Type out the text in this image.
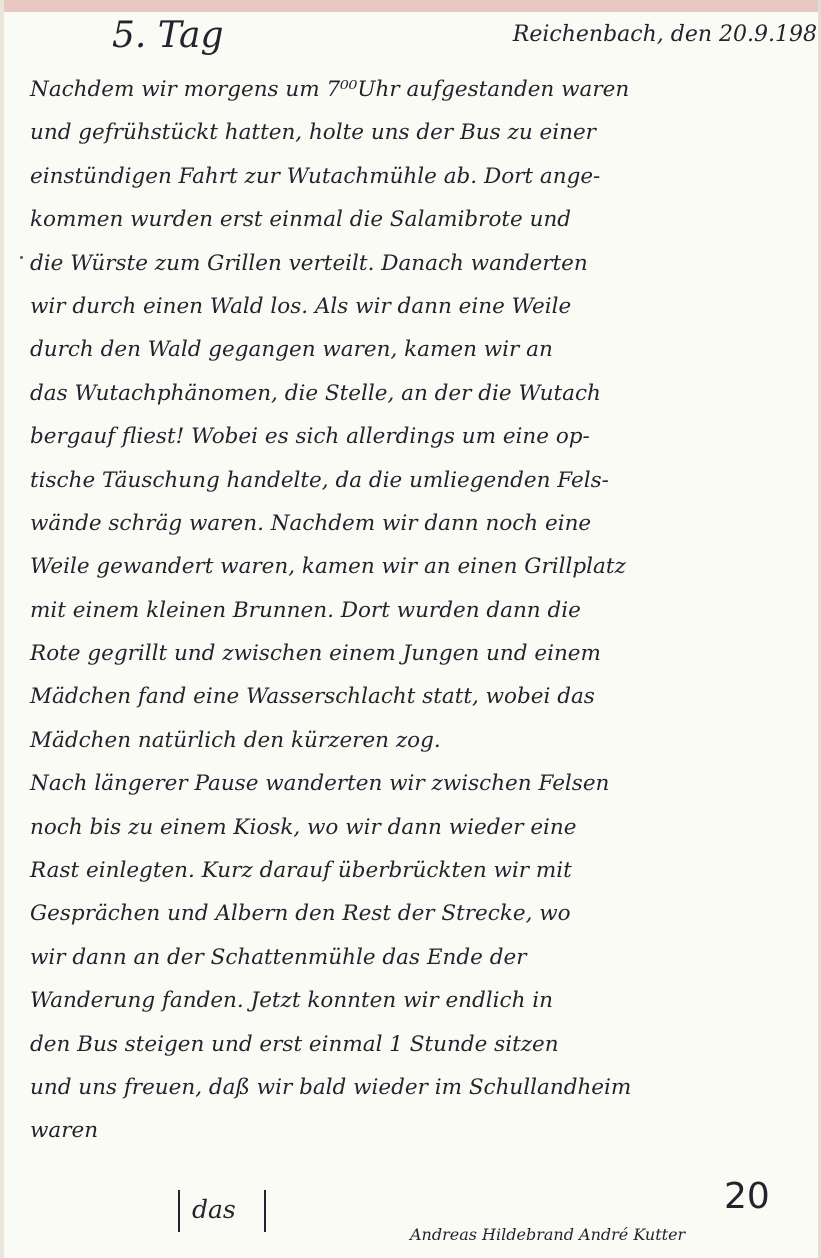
5. Tag	Reichenbach, den 20.9.198
Nachdem wir morgens um 7⁰⁰Uhr aufgestanden waren
und gefrühstückt hatten, holte uns der Bus zu einer
einstündigen Fahrt zur Wutachmühle ab. Dort ange-
kommen wurden erst einmal die Salamibrote und
die Würste zum Grillen verteilt. Danach wanderten
wir durch einen Wald los. Als wir dann eine Weile
durch den Wald gegangen waren, kamen wir an
das Wutachphänomen, die Stelle, an der die Wutach
bergauf fliest! Wobei es sich allerdings um eine op-
tische Täuschung handelte, da die umliegenden Fels-
wände schräg waren. Nachdem wir dann noch eine
Weile gewandert waren, kamen wir an einen Grillplatz
mit einem kleinen Brunnen. Dort wurden dann die
Rote gegrillt und zwischen einem Jungen und einem
Mädchen fand eine Wasserschlacht statt, wobei das
Mädchen natürlich den kürzeren zog.
Nach längerer Pause wanderten wir zwischen Felsen
noch bis zu einem Kiosk, wo wir dann wieder eine
Rast einlegten. Kurz darauf überbrückten wir mit
Gesprächen und Albern den Rest der Strecke, wo
wir dann an der Schattenmühle das Ende der
Wanderung fanden. Jetzt konnten wir endlich in
den Bus steigen und erst einmal 1 Stunde sitzen
und uns freuen, daß wir bald wieder im Schullandheim
waren
das	20
Andreas Hildebrand André Kutter
